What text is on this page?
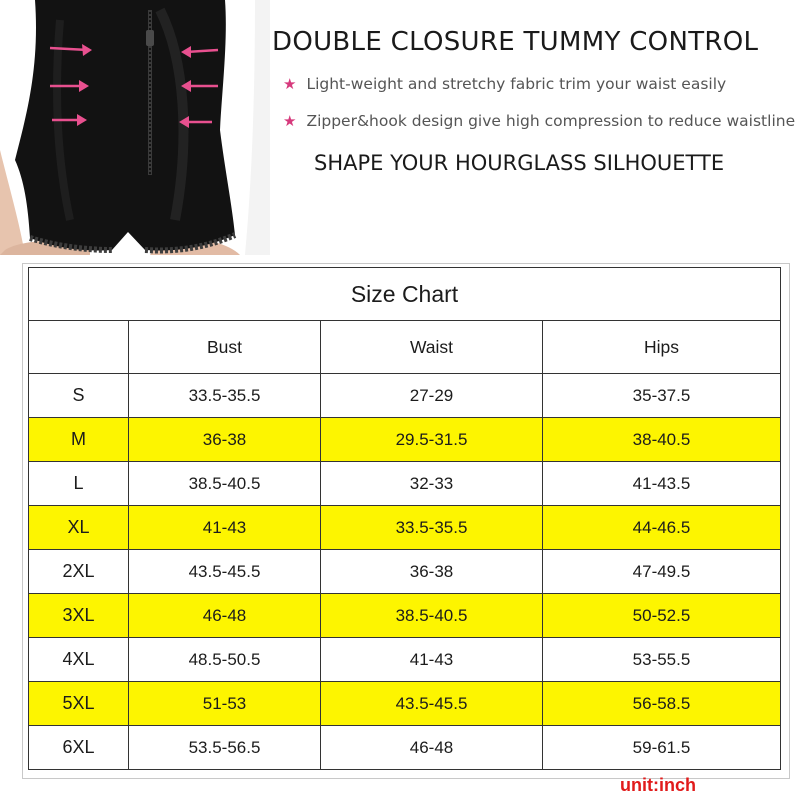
DOUBLE CLOSURE TUMMY CONTROL
★ Light-weight and stretchy fabric trim your waist easily
★ Zipper&hook design give high compression to reduce waistline
SHAPE YOUR HOURGLASS SILHOUETTE
Size Chart			
	Bust	Waist	Hips
S	33.5-35.5	27-29	35-37.5
M	36-38	29.5-31.5	38-40.5
L	38.5-40.5	32-33	41-43.5
XL	41-43	33.5-35.5	44-46.5
2XL	43.5-45.5	36-38	47-49.5
3XL	46-48	38.5-40.5	50-52.5
4XL	48.5-50.5	41-43	53-55.5
5XL	51-53	43.5-45.5	56-58.5
6XL	53.5-56.5	46-48	59-61.5
unit:inch
